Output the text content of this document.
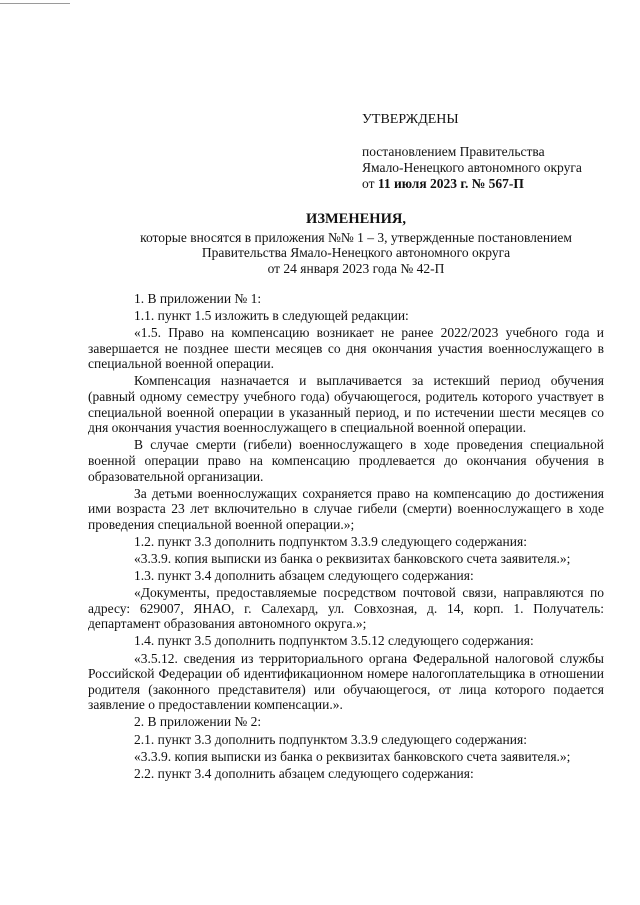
УТВЕРЖДЕНЫ
постановлением Правительства
Ямало-Ненецкого автономного округа
от 11 июля 2023 г. № 567-П
ИЗМЕНЕНИЯ,
которые вносятся в приложения №№ 1 – 3, утвержденные постановлением
Правительства Ямало-Ненецкого автономного округа
от 24 января 2023 года № 42-П

1. В приложении № 1:

1.1. пункт 1.5 изложить в следующей редакции:

«1.5. Право на компенсацию возникает не ранее 2022/2023 учебного года и завершается не позднее шести месяцев со дня окончания участия военнослужащего в специальной военной операции.

Компенсация назначается и выплачивается за истекший период обучения (равный одному семестру учебного года) обучающегося, родитель которого участвует в специальной военной операции в указанный период, и по истечении шести месяцев со дня окончания участия военнослужащего в специальной военной операции.

В случае смерти (гибели) военнослужащего в ходе проведения специальной военной операции право на компенсацию продлевается до окончания обучения в образовательной организации.

За детьми военнослужащих сохраняется право на компенсацию до достижения ими возраста 23 лет включительно в случае гибели (смерти) военнослужащего в ходе проведения специальной военной операции.»;

1.2. пункт 3.3 дополнить подпунктом 3.3.9 следующего содержания:

«3.3.9. копия выписки из банка о реквизитах банковского счета заявителя.»;

1.3. пункт 3.4 дополнить абзацем следующего содержания:

«Документы, предоставляемые посредством почтовой связи, направляются по адресу: 629007, ЯНАО, г. Салехард, ул. Совхозная, д. 14, корп. 1. Получатель: департамент образования автономного округа.»;

1.4. пункт 3.5 дополнить подпунктом 3.5.12 следующего содержания:

«3.5.12. сведения из территориального органа Федеральной налоговой службы Российской Федерации об идентификационном номере налогоплательщика в отношении родителя (законного представителя) или обучающегося, от лица которого подается заявление о предоставлении компенсации.».

2. В приложении № 2:

2.1. пункт 3.3 дополнить подпунктом 3.3.9 следующего содержания:

«3.3.9. копия выписки из банка о реквизитах банковского счета заявителя.»;

2.2. пункт 3.4 дополнить абзацем следующего содержания:
